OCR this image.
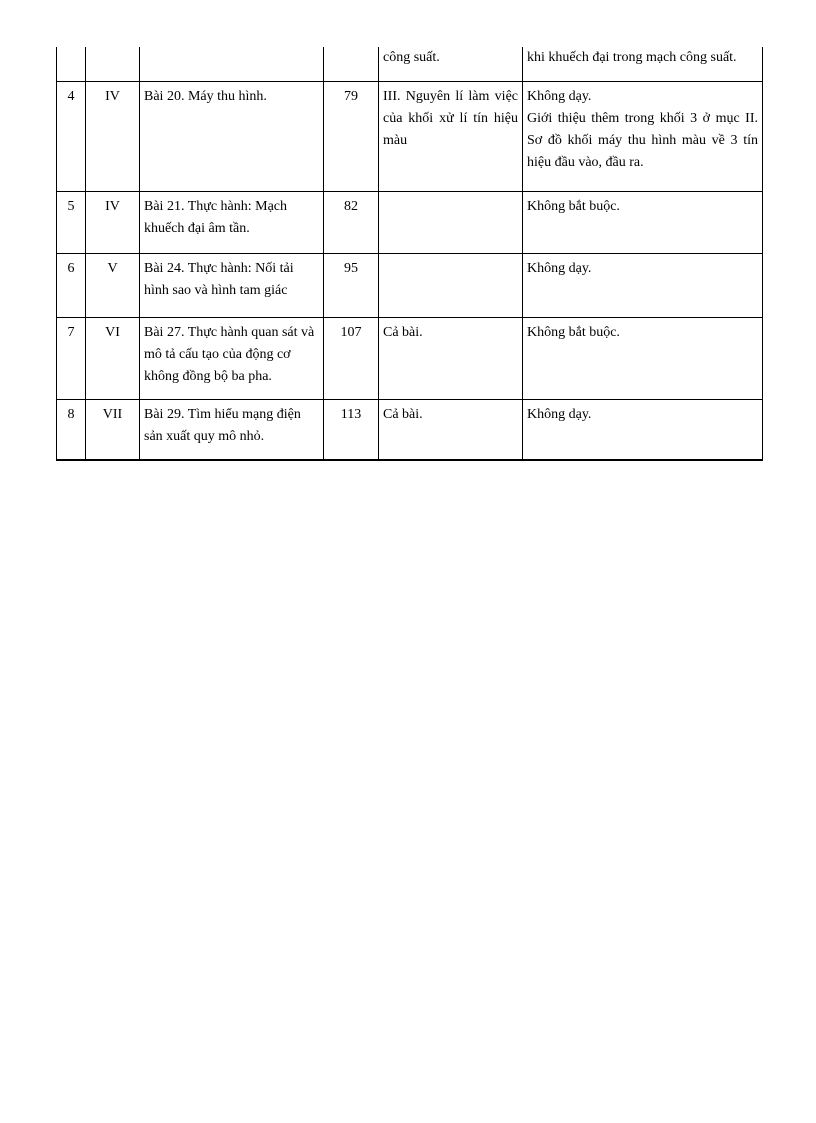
				công suất.	khi khuếch đại trong mạch công suất.

4	IV	Bài 20. Máy thu hình.	79	III. Nguyên lí làm việc của khối xử lí tín hiệu màu	Không dạy.
Giới thiệu thêm trong khối 3 ở mục II. Sơ đồ khối máy thu hình màu về 3 tín hiệu đầu vào, đầu ra.

5	IV	Bài 21. Thực hành: Mạch khuếch đại âm tần.	82		Không bắt buộc.

6	V	Bài 24. Thực hành: Nối tải hình sao và hình tam giác	95		Không dạy.

7	VI	Bài 27. Thực hành quan sát và mô tả cấu tạo của động cơ không đồng bộ ba pha.	107	Cả bài.	Không bắt buộc.

8	VII	Bài 29. Tìm hiểu mạng điện sản xuất quy mô nhỏ.	113	Cả bài.	Không dạy.
